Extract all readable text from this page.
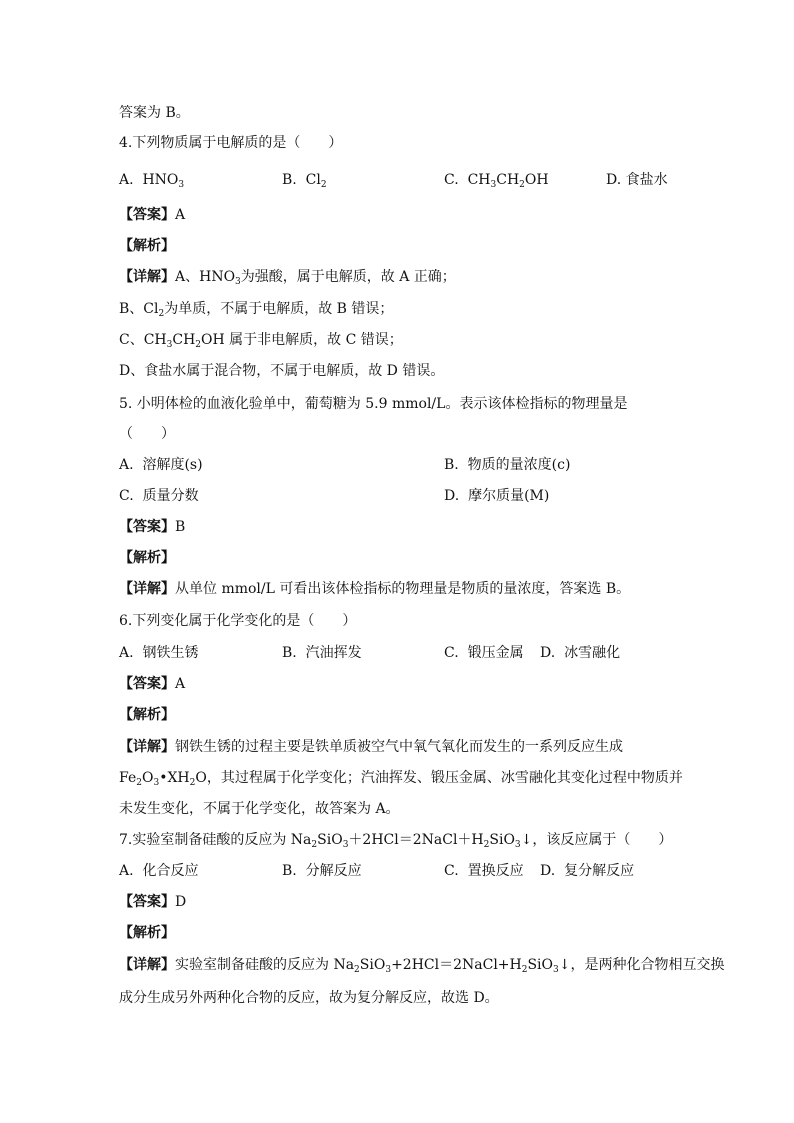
答案为 B。
4.下列物质属于电解质的是（　　）
A. $HNO_3$	B. $Cl_2$	C. $CH_3CH_2OH$	D. 食盐水
【答案】A
【解析】
【详解】A、$HNO_3$为强酸，属于电解质，故 A 正确；
B、$Cl_2$为单质，不属于电解质，故 B 错误；
C、$CH_3CH_2OH$ 属于非电解质，故 C 错误；
D、食盐水属于混合物，不属于电解质，故 D 错误。
5. 小明体检的血液化验单中，葡萄糖为 5.9 mmol/L。表示该体检指标的物理量是
（　　）
A. 溶解度(s)	B. 物质的量浓度(c)
C. 质量分数	D. 摩尔质量(M)
【答案】B
【解析】
【详解】从单位 mmol/L 可看出该体检指标的物理量是物质的量浓度，答案选 B。
6.下列变化属于化学变化的是（　　）
A. 钢铁生锈	B. 汽油挥发	C. 锻压金属 D. 冰雪融化
【答案】A
【解析】
【详解】钢铁生锈的过程主要是铁单质被空气中氧气氧化而发生的一系列反应生成
$Fe_2O_3•XH_2O$，其过程属于化学变化；汽油挥发、锻压金属、冰雪融化其变化过程中物质并
未发生变化，不属于化学变化，故答案为 A。
7.实验室制备硅酸的反应为 $Na_2SiO_3+2HCl=2NaCl+H_2SiO_3↓$，该反应属于（　　）
A. 化合反应	B. 分解反应	C. 置换反应 D. 复分解反应
【答案】D
【解析】
【详解】实验室制备硅酸的反应为 $Na_2SiO_3+2HCl=2NaCl+H_2SiO_3↓$，是两种化合物相互交换
成分生成另外两种化合物的反应，故为复分解反应，故选 D。
